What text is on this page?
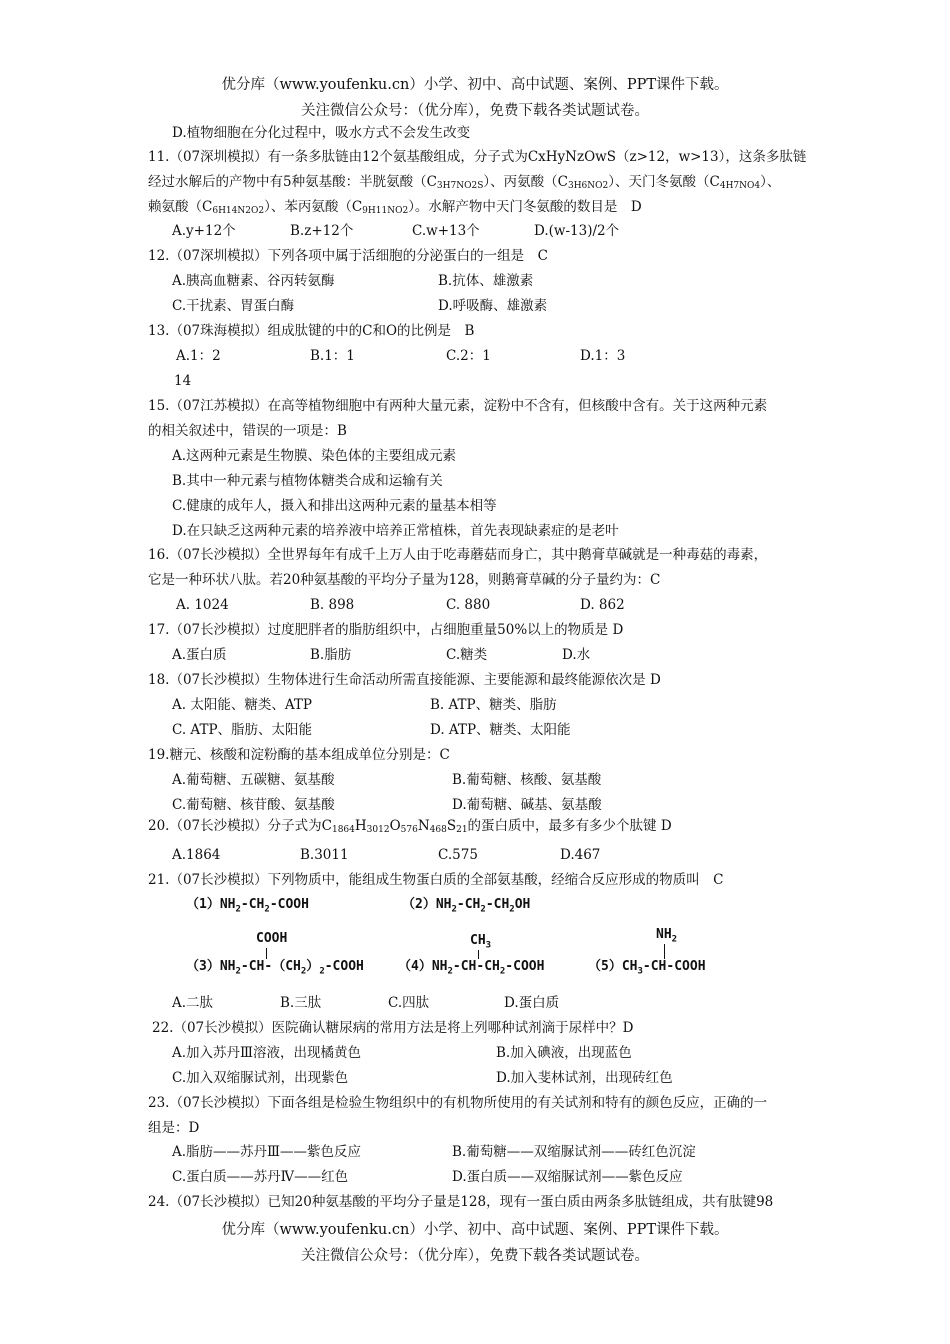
优分库（www.youfenku.cn）小学、初中、高中试题、案例、PPT课件下载。
关注微信公众号：（优分库），免费下载各类试题试卷。
D.植物细胞在分化过程中，吸水方式不会发生改变
11.（07深圳模拟）有一条多肽链由12个氨基酸组成，分子式为CxHyNzOwS（z>12，w>13），这条多肽链
经过水解后的产物中有5种氨基酸：半胱氨酸$(C_{3H7NO2S})$、丙氨酸$(C_{3H6NO2})$、天门冬氨酸$(C_{4H7NO4})$、
赖氨酸$(C_{6H14N2O2})$、苯丙氨酸$(C_{9H11NO2})$。水解产物中天门冬氨酸的数目是　D
A.y+12个	B.z+12个	C.w+13个	D.(w-13)/2个
12.（07深圳模拟）下列各项中属于活细胞的分泌蛋白的一组是　C
A.胰高血糖素、谷丙转氨酶	B.抗体、雄激素
C.干扰素、胃蛋白酶	D.呼吸酶、雄激素
13.（07珠海模拟）组成肽键的中的C和O的比例是　B
A.1：2	B.1：1	C.2：1	D.1：3
14
15.（07江苏模拟）在高等植物细胞中有两种大量元素，淀粉中不含有，但核酸中含有。关于这两种元素
的相关叙述中，错误的一项是：B
A.这两种元素是生物膜、染色体的主要组成元素
B.其中一种元素与植物体糖类合成和运输有关
C.健康的成年人，摄入和排出这两种元素的量基本相等
D.在只缺乏这两种元素的培养液中培养正常植株，首先表现缺素症的是老叶
16.（07长沙模拟）全世界每年有成千上万人由于吃毒蘑菇而身亡，其中鹅膏草碱就是一种毒菇的毒素，
它是一种环状八肽。若20种氨基酸的平均分子量为128，则鹅膏草碱的分子量约为：C
A. 1024	B. 898	C. 880	D. 862
17.（07长沙模拟）过度肥胖者的脂肪组织中，占细胞重量50%以上的物质是 D
A.蛋白质	B.脂肪	C.糖类	D.水
18.（07长沙模拟）生物体进行生命活动所需直接能源、主要能源和最终能源依次是 D
A. 太阳能、糖类、ATP	B. ATP、糖类、脂肪
C. ATP、脂肪、太阳能	D. ATP、糖类、太阳能
19.糖元、核酸和淀粉酶的基本组成单位分别是：C
A.葡萄糖、五碳糖、氨基酸	B.葡萄糖、核酸、氨基酸
C.葡萄糖、核苷酸、氨基酸	D.葡萄糖、碱基、氨基酸
20.（07长沙模拟）分子式为$C_{1864}H_{3012}O_{576}N_{468}S_{21}$的蛋白质中，最多有多少个肽键 D
A.1864	B.3011	C.575	D.467
21.（07长沙模拟）下列物质中，能组成生物蛋白质的全部氨基酸，经缩合反应形成的物质叫　C
$(1)NH_2-CH_2$-COOH	$(2)NH_2-CH_2-CH_2OH$
COOH
$(3)NH_2-CH-(CH_2)_2$-COOH
$CH_3$
$(4)NH_2-CH-CH_2$-COOH
$NH_2$
$(5)CH_3-CH$-COOH
A.二肽	B.三肽	C.四肽	D.蛋白质
22.（07长沙模拟）医院确认糖尿病的常用方法是将上列哪种试剂滴于尿样中？D
A.加入苏丹Ⅲ溶液，出现橘黄色	B.加入碘液，出现蓝色
C.加入双缩脲试剂，出现紫色	D.加入斐林试剂，出现砖红色
23.（07长沙模拟）下面各组是检验生物组织中的有机物所使用的有关试剂和特有的颜色反应，正确的一
组是：D
A.脂肪——苏丹Ⅲ——紫色反应	B.葡萄糖——双缩脲试剂——砖红色沉淀
C.蛋白质——苏丹Ⅳ——红色	D.蛋白质——双缩脲试剂——紫色反应
24.（07长沙模拟）已知20种氨基酸的平均分子量是128，现有一蛋白质由两条多肽链组成，共有肽键98
优分库（www.youfenku.cn）小学、初中、高中试题、案例、PPT课件下载。
关注微信公众号：（优分库），免费下载各类试题试卷。
